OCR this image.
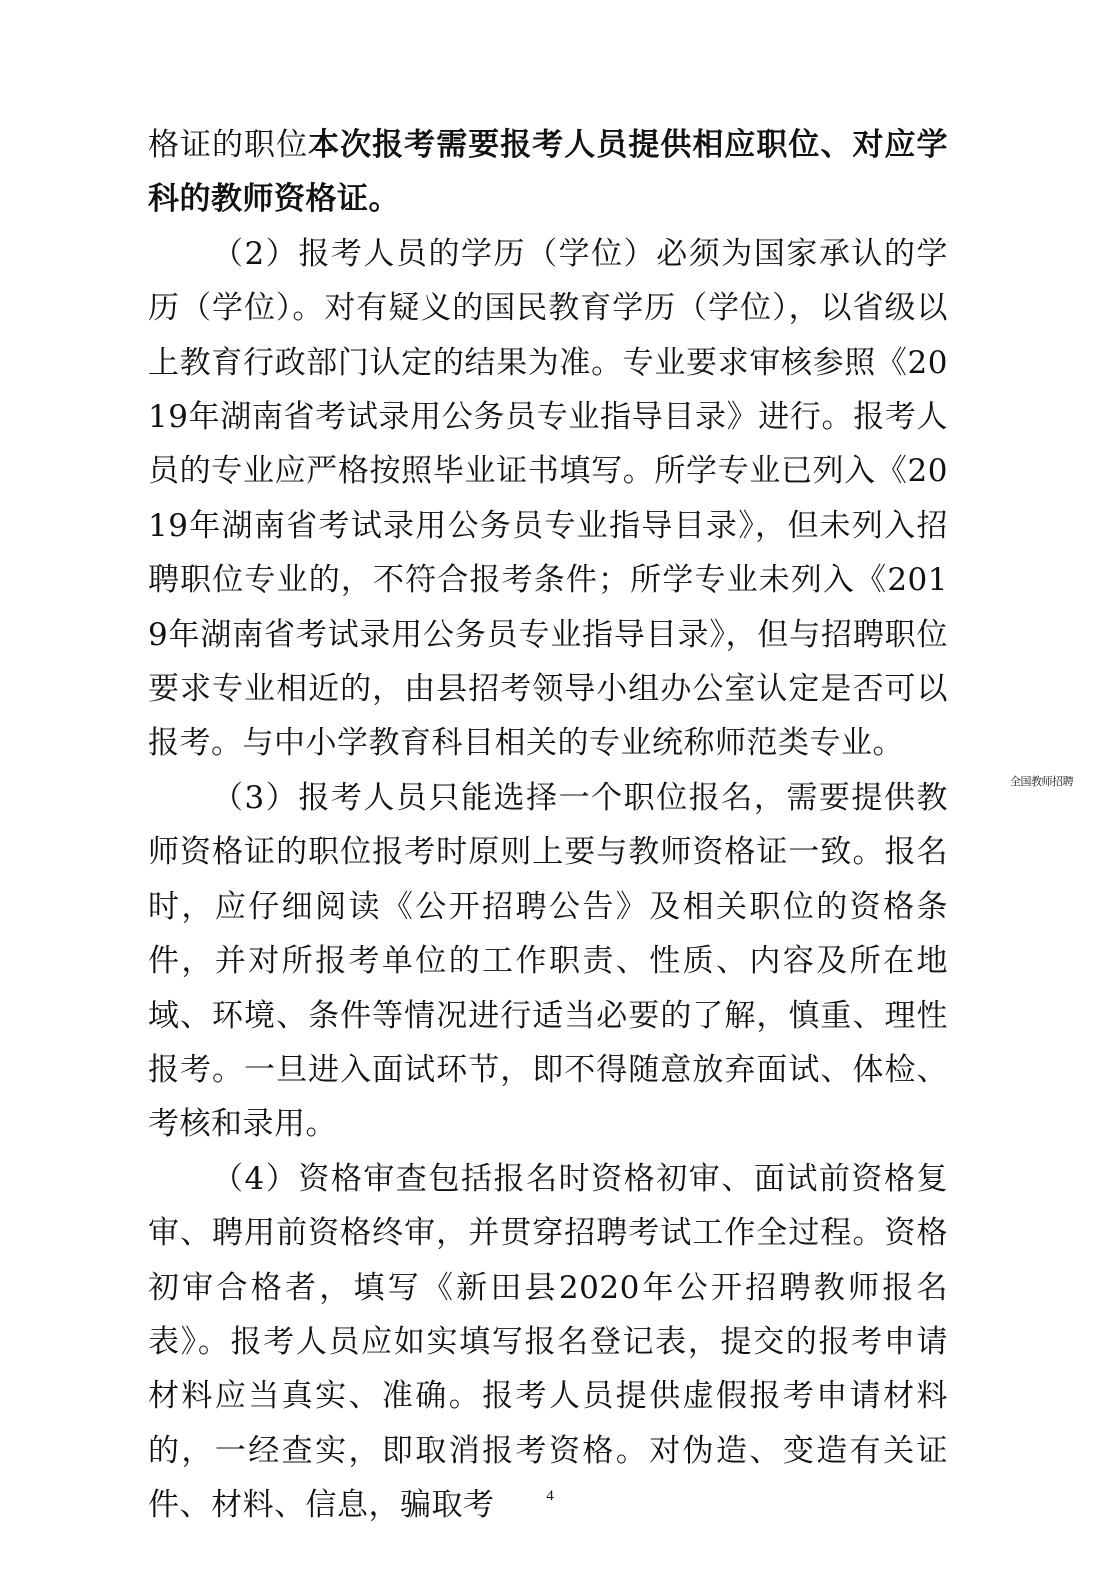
格证的职位本次报考需要报考人员提供相应职位、对应学科的教师资格证。

（2）报考人员的学历（学位）必须为国家承认的学历（学位）。对有疑义的国民教育学历（学位），以省级以上教育行政部门认定的结果为准。专业要求审核参照《2019年湖南省考试录用公务员专业指导目录》进行。报考人员的专业应严格按照毕业证书填写。所学专业已列入《2019年湖南省考试录用公务员专业指导目录》，但未列入招聘职位专业的，不符合报考条件；所学专业未列入《2019年湖南省考试录用公务员专业指导目录》，但与招聘职位要求专业相近的，由县招考领导小组办公室认定是否可以报考。与中小学教育科目相关的专业统称师范类专业。

（3）报考人员只能选择一个职位报名，需要提供教师资格证的职位报考时原则上要与教师资格证一致。报名时，应仔细阅读《公开招聘公告》及相关职位的资格条件，并对所报考单位的工作职责、性质、内容及所在地域、环境、条件等情况进行适当必要的了解，慎重、理性报考。一旦进入面试环节，即不得随意放弃面试、体检、考核和录用。

（4）资格审查包括报名时资格初审、面试前资格复审、聘用前资格终审，并贯穿招聘考试工作全过程。资格初审合格者，填写《新田县2020年公开招聘教师报名表》。报考人员应如实填写报名登记表，提交的报考申请材料应当真实、准确。报考人员提供虚假报考申请材料的，一经查实，即取消报考资格。对伪造、变造有关证件、材料、信息，骗取考

全国教师招聘
4
